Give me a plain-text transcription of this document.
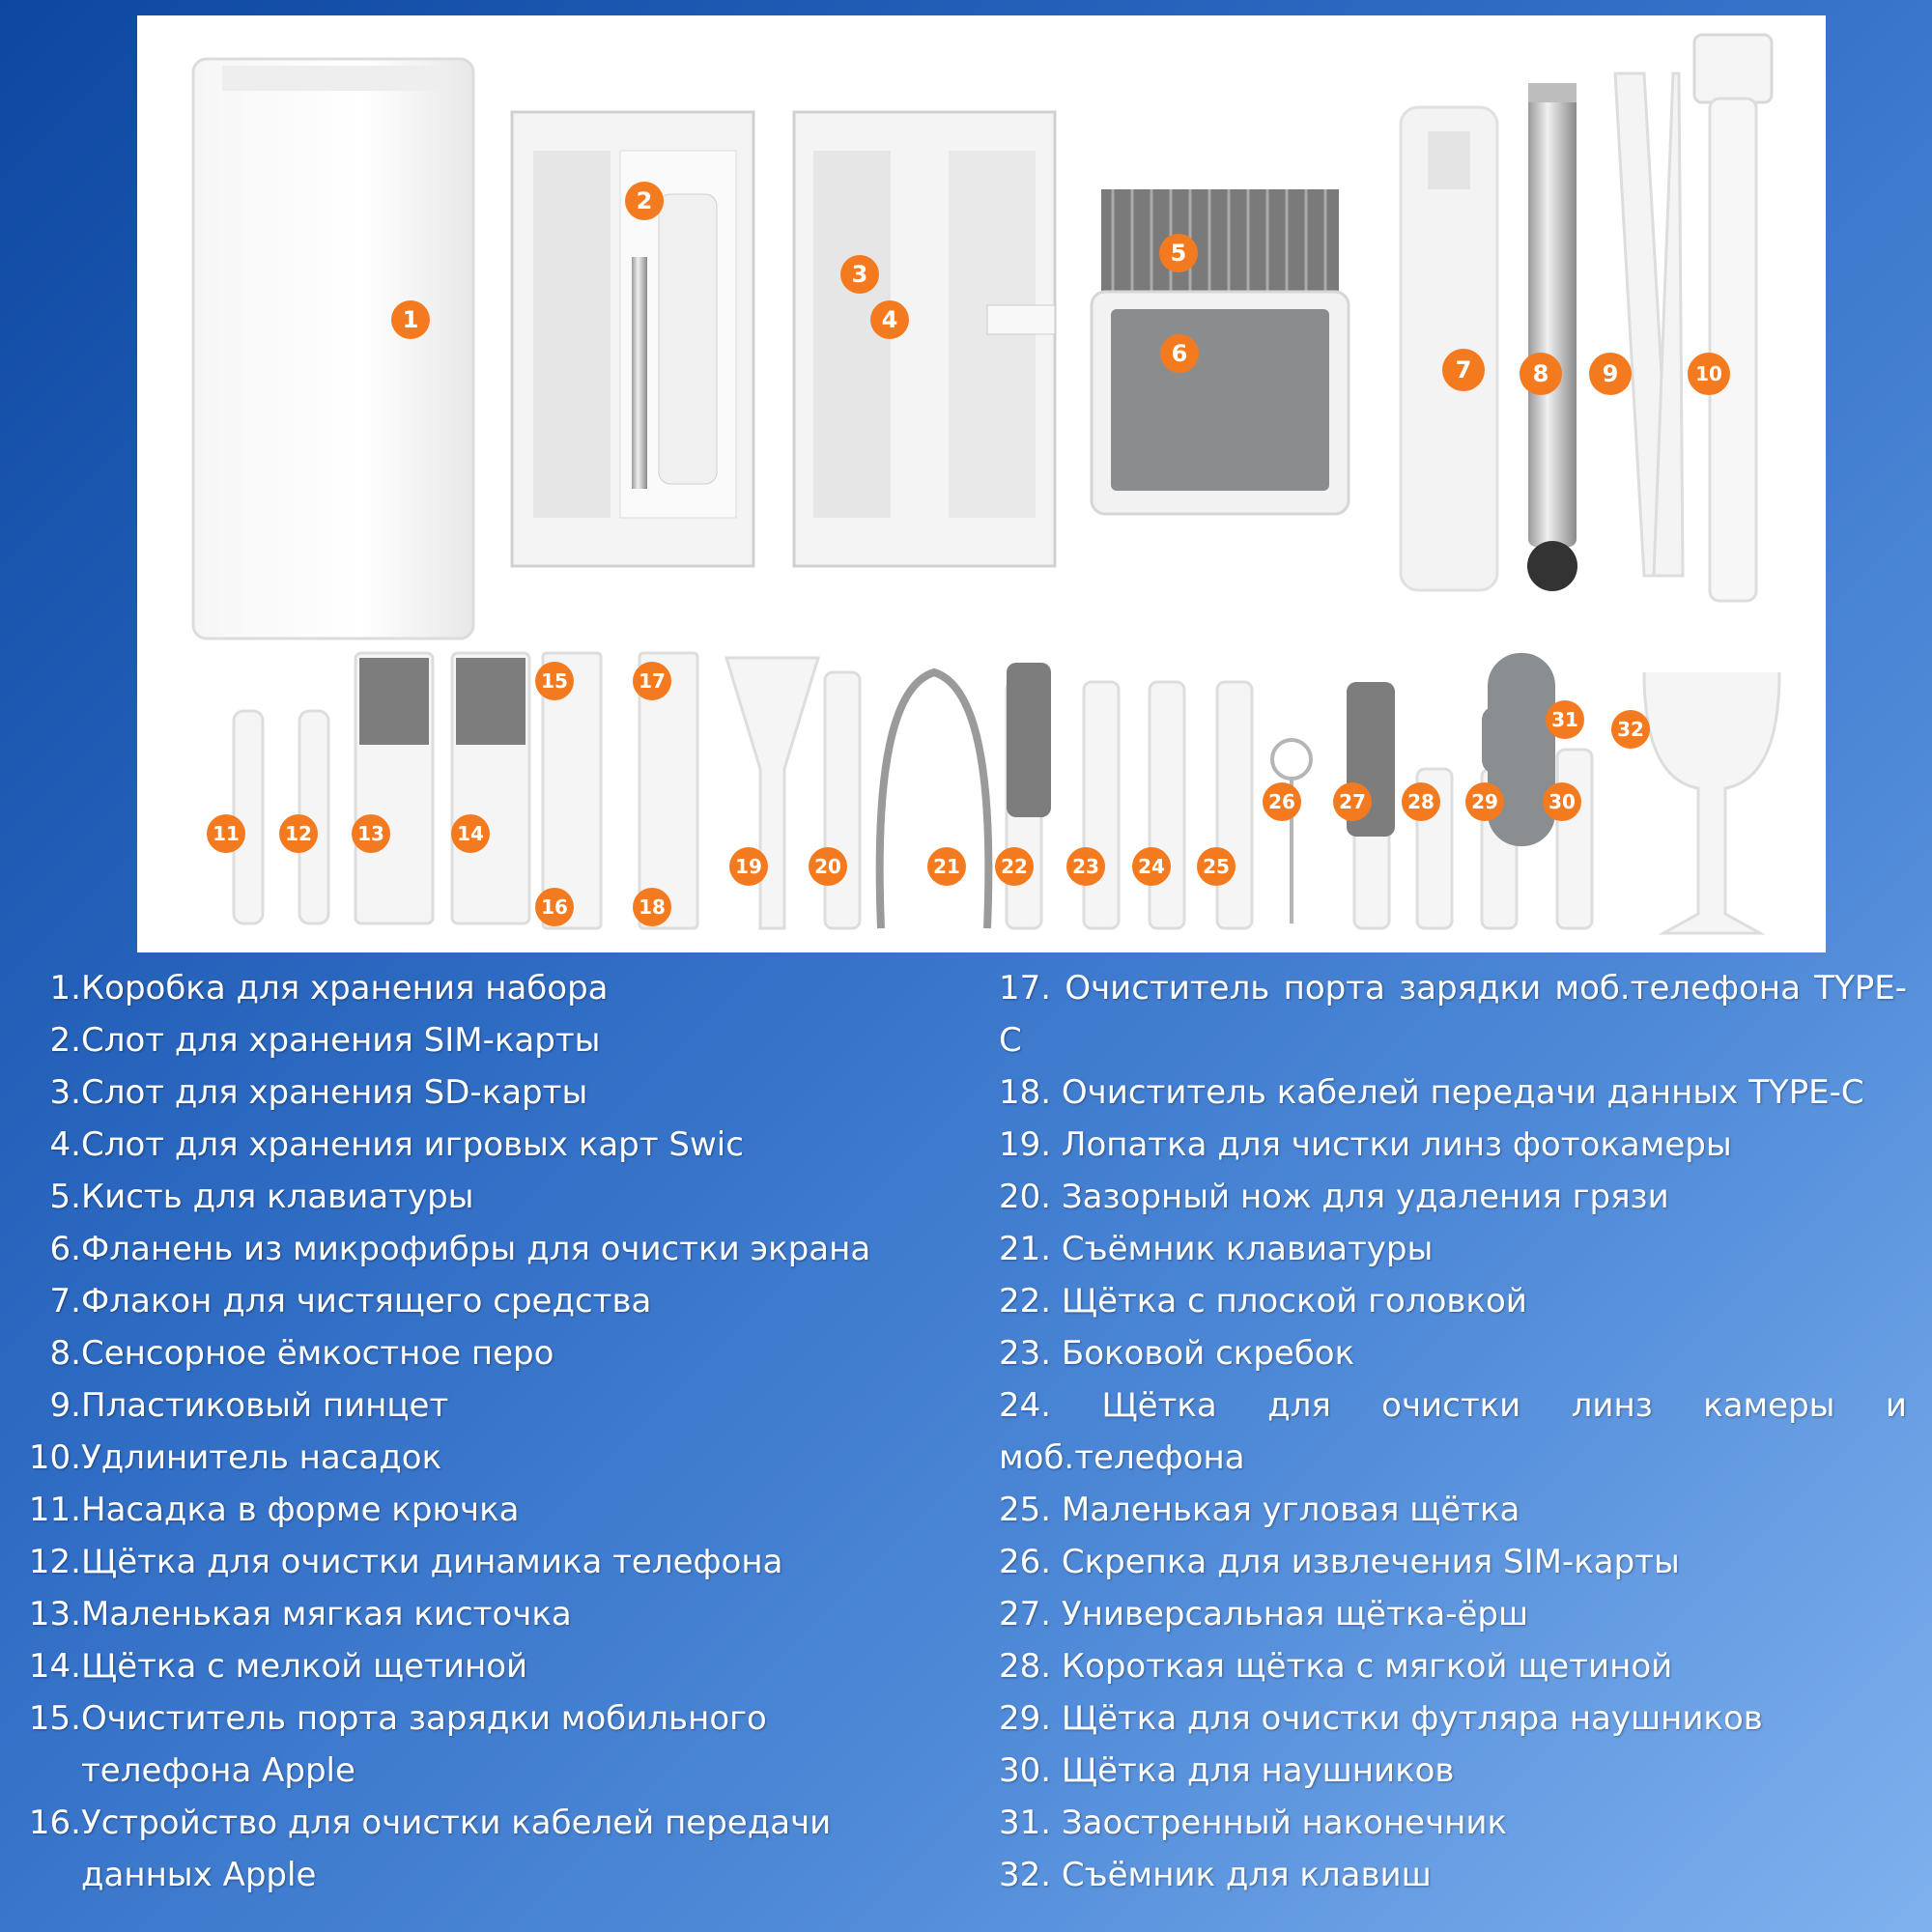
1
2
3
4
5
6
7	8 9	10
11 12 13	14
15
16
17
18
19	20	21 22 23 24 25
26 27 28 29	30
31 32
1. Коробка для хранения набора
2. Слот для хранения SIM-карты
3. Слот для хранения SD-карты
4. Слот для хранения игровых карт Swic
5. Кисть для клавиатуры
6. Фланень из микрофибры для очистки экрана
7. Флакон для чистящего средства
8. Сенсорное ёмкостное перо
9. Пластиковый пинцет
10. Удлинитель насадок
11. Насадка в форме крючка
12. Щётка для очистки динамика телефона
13. Маленькая мягкая кисточка
14. Щётка с мелкой щетиной
15. Очиститель порта зарядки мобильного телефона Apple
16. Устройство для очистки кабелей передачи данных Apple
17. Очиститель порта зарядки моб.телефона TYPE-C
18. Очиститель кабелей передачи данных TYPE-C
19. Лопатка для чистки линз фотокамеры
20. Зазорный нож для удаления грязи
21. Съёмник клавиатуры
22. Щётка с плоской головкой
23. Боковой скребок
24. Щётка для очистки линз камеры и моб.телефона
25. Маленькая угловая щётка
26. Скрепка для извлечения SIM-карты
27. Универсальная щётка-ёрш
28. Короткая щётка с мягкой щетиной
29. Щётка для очистки футляра наушников
30. Щётка для наушников
31. Заостренный наконечник
32. Съёмник для клавиш
